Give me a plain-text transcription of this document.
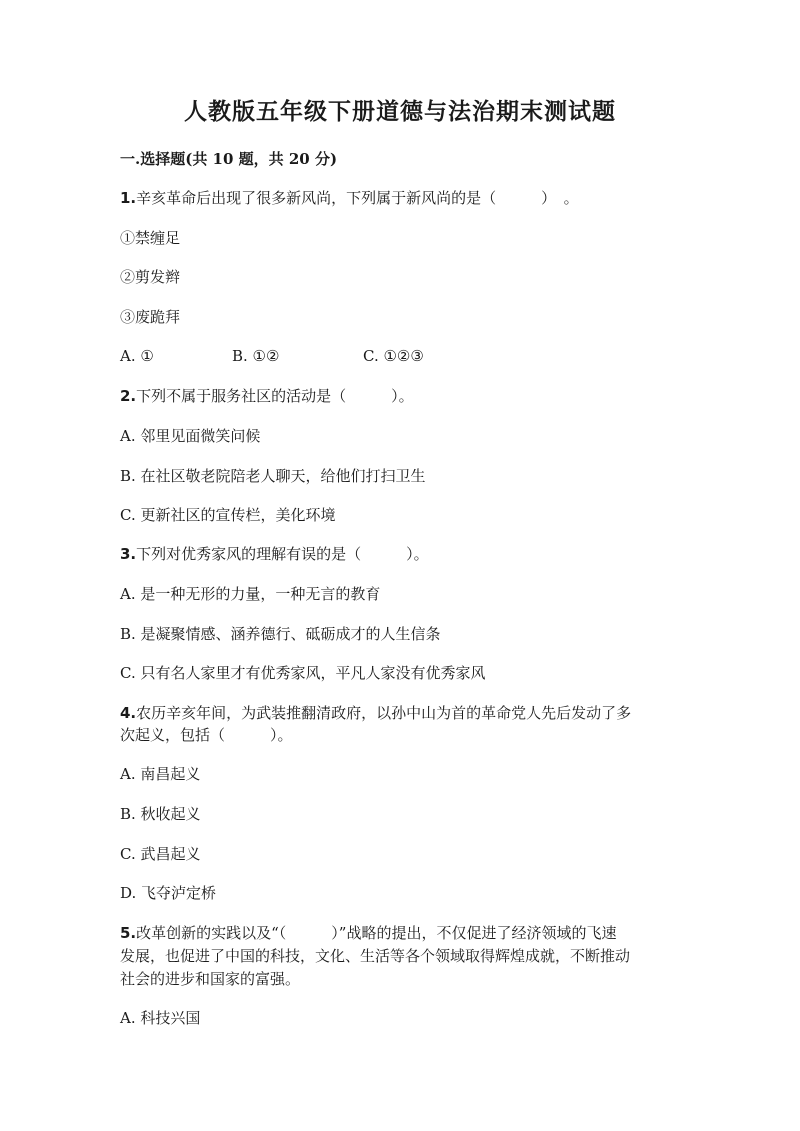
人教版五年级下册道德与法治期末测试题
一.选择题(共 10 题，共 20 分)
1.辛亥革命后出现了很多新风尚，下列属于新风尚的是（　　　）　。
①禁缠足
②剪发辫
③废跪拜
A. ①	B. ①②	C. ①②③
2.下列不属于服务社区的活动是（　　　）。
A. 邻里见面微笑问候
B. 在社区敬老院陪老人聊天，给他们打扫卫生
C. 更新社区的宣传栏，美化环境
3.下列对优秀家风的理解有误的是（　　　）。
A. 是一种无形的力量，一种无言的教育
B. 是凝聚情感、涵养德行、砥砺成才的人生信条
C. 只有名人家里才有优秀家风，平凡人家没有优秀家风
4.农历辛亥年间，为武装推翻清政府，以孙中山为首的革命党人先后发动了多
次起义，包括（　　　）。
A. 南昌起义
B. 秋收起义
C. 武昌起义
D. 飞夺泸定桥
5.改革创新的实践以及“（　　　）”战略的提出，不仅促进了经济领域的飞速
发展，也促进了中国的科技，文化、生活等各个领域取得辉煌成就，不断推动
社会的进步和国家的富强。
A. 科技兴国
